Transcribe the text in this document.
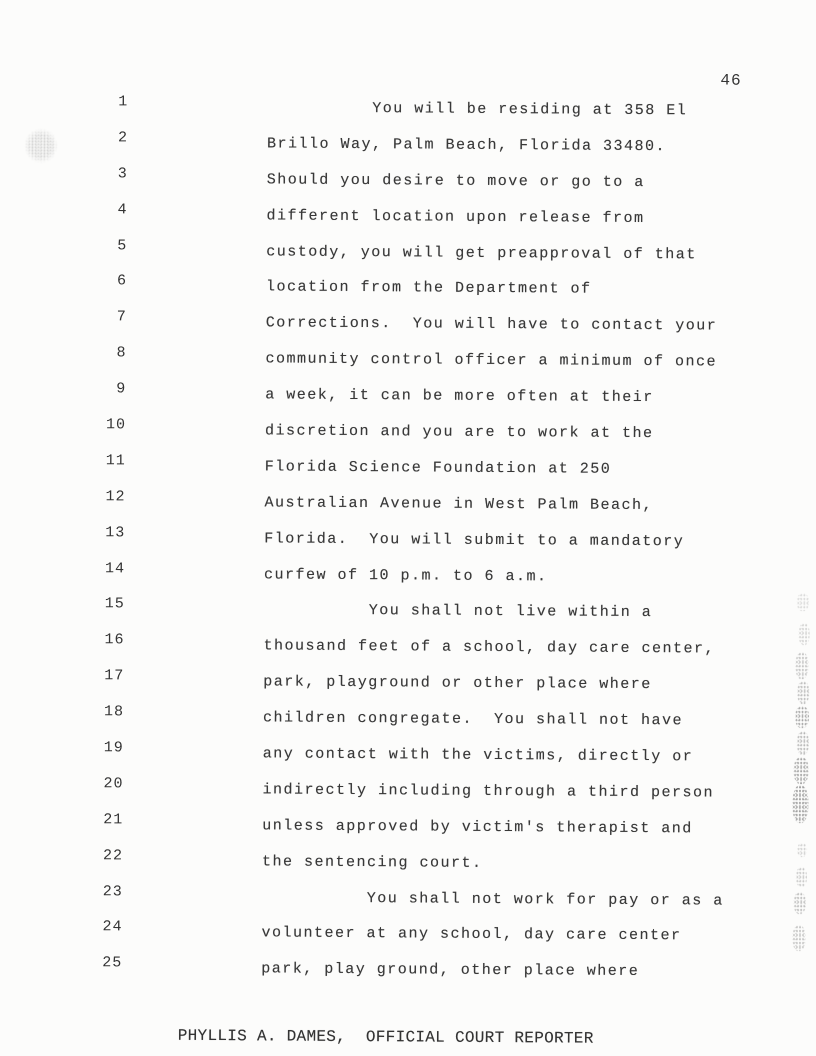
46
1	You will be residing at 358 El
2	Brillo Way, Palm Beach, Florida 33480.
3	Should you desire to move or go to a
4	different location upon release from
5	custody, you will get preapproval of that
6	location from the Department of
7	Corrections.  You will have to contact your
8	community control officer a minimum of once
9	a week, it can be more often at their
10	discretion and you are to work at the
11	Florida Science Foundation at 250
12	Australian Avenue in West Palm Beach,
13	Florida.  You will submit to a mandatory
14	curfew of 10 p.m. to 6 a.m.
15	You shall not live within a
16	thousand feet of a school, day care center,
17	park, playground or other place where
18	children congregate.  You shall not have
19	any contact with the victims, directly or
20	indirectly including through a third person
21	unless approved by victim's therapist and
22	the sentencing court.
23	You shall not work for pay or as a
24	volunteer at any school, day care center
25	park, play ground, other place where
PHYLLIS A. DAMES,  OFFICIAL COURT REPORTER
